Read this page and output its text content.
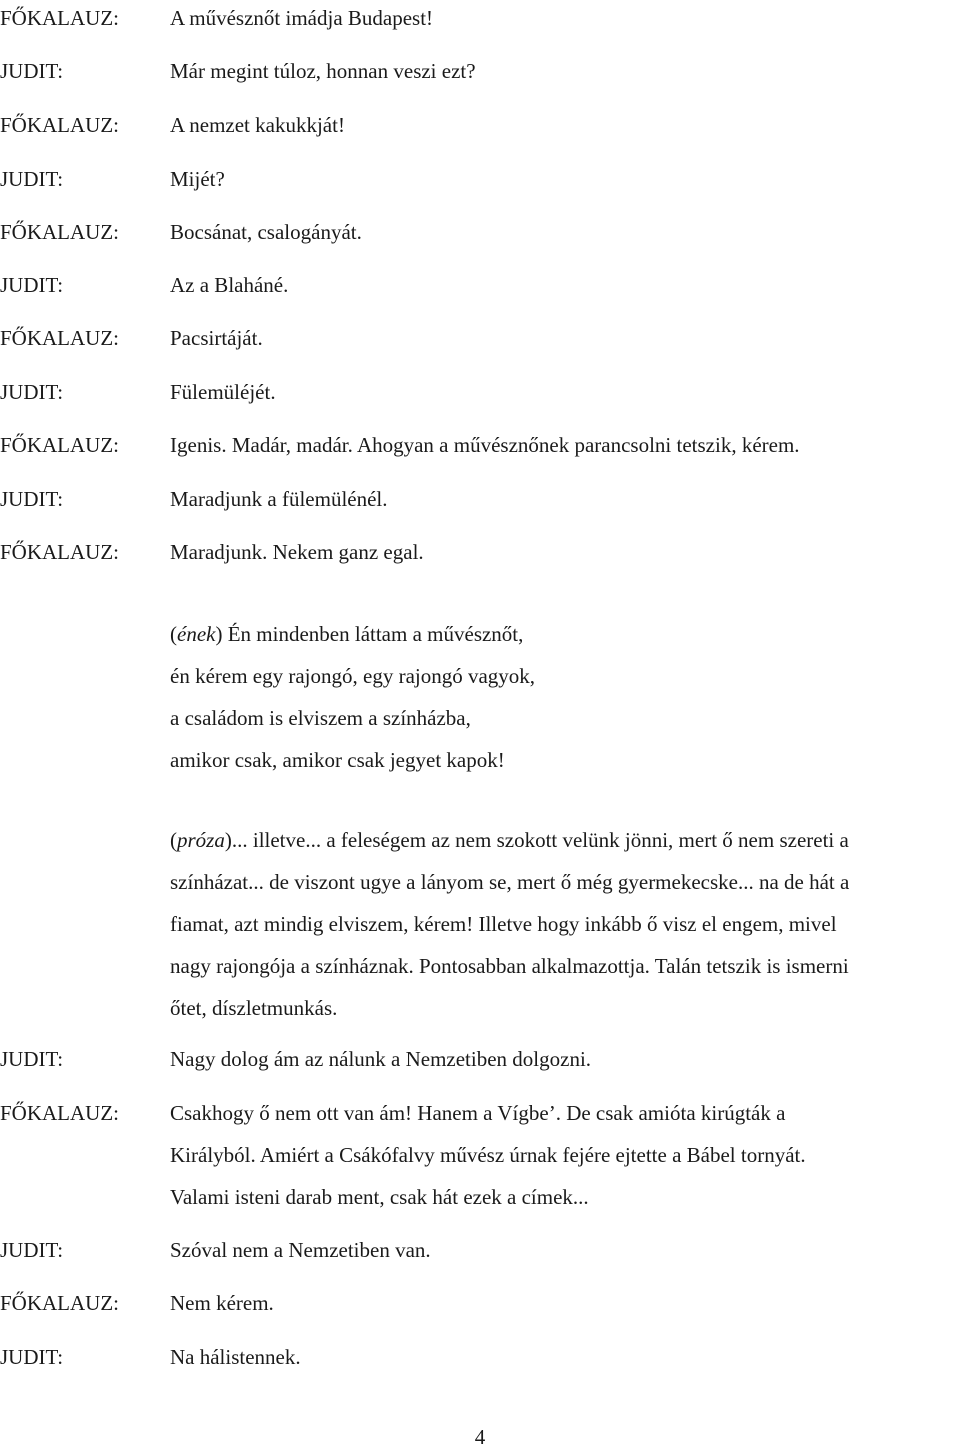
FŐKALAUZ: A művésznőt imádja Budapest!
JUDIT:	Már megint túloz, honnan veszi ezt?
FŐKALAUZ: A nemzet kakukkját!
JUDIT:	Mijét?
FŐKALAUZ: Bocsánat, csalogányát.
JUDIT:	Az a Blaháné.
FŐKALAUZ: Pacsirtáját.
JUDIT:	Fülemüléjét.
FŐKALAUZ: Igenis. Madár, madár. Ahogyan a művésznőnek parancsolni tetszik, kérem.
JUDIT:	Maradjunk a fülemülénél.
FŐKALAUZ: Maradjunk. Nekem ganz egal.
(ének) Én mindenben láttam a művésznőt,
én kérem egy rajongó, egy rajongó vagyok,
a családom is elviszem a színházba,
amikor csak, amikor csak jegyet kapok!
(próza)... illetve... a feleségem az nem szokott velünk jönni, mert ő nem szereti a
színházat... de viszont ugye a lányom se, mert ő még gyermekecske... na de hát a
fiamat, azt mindig elviszem, kérem! Illetve hogy inkább ő visz el engem, mivel
nagy rajongója a színháznak. Pontosabban alkalmazottja. Talán tetszik is ismerni
őtet, díszletmunkás.
JUDIT:	Nagy dolog ám az nálunk a Nemzetiben dolgozni.
FŐKALAUZ: Csakhogy ő nem ott van ám! Hanem a Vígbe’. De csak amióta kirúgták a
Királyból. Amiért a Csákófalvy művész úrnak fejére ejtette a Bábel tornyát.
Valami isteni darab ment, csak hát ezek a címek...
JUDIT:	Szóval nem a Nemzetiben van.
FŐKALAUZ: Nem kérem.
JUDIT:	Na hálistennek.
4
